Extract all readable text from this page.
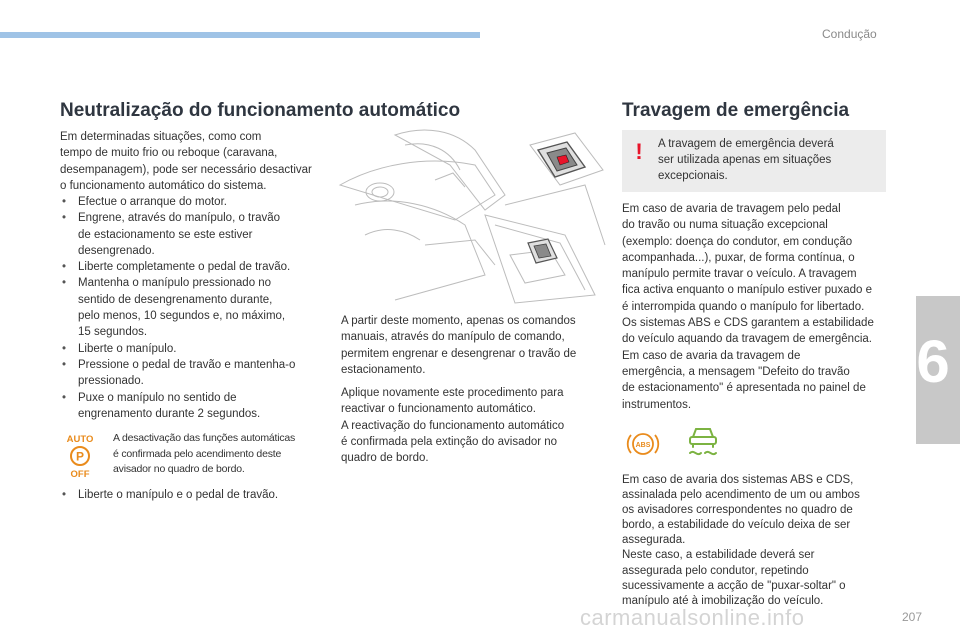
Condução
6
Neutralização do funcionamento automático
Em determinadas situações, como com
tempo de muito frio ou reboque (caravana,
desempanagem), pode ser necessário desactivar
o funcionamento automático do sistema.
• Efectue o arranque do motor.
• Engrene, através do manípulo, o travão
de estacionamento se este estiver
desengrenado.
• Liberte completamente o pedal de travão.
• Mantenha o manípulo pressionado no
sentido de desengrenamento durante,
pelo menos, 10 segundos e, no máximo,
15 segundos.
• Liberte o manípulo.
• Pressione o pedal de travão e mantenha-o
pressionado.
• Puxe o manípulo no sentido de
engrenamento durante 2 segundos.
AUTO
P
OFF
A desactivação das funções automáticas
é confirmada pelo acendimento deste
avisador no quadro de bordo.
• Liberte o manípulo e o pedal de travão.
A partir deste momento, apenas os comandos
manuais, através do manípulo de comando,
permitem engrenar e desengrenar o travão de
estacionamento.
Aplique novamente este procedimento para
reactivar o funcionamento automático.
A reactivação do funcionamento automático
é confirmada pela extinção do avisador no
quadro de bordo.
Travagem de emergência
! A travagem de emergência deverá
ser utilizada apenas em situações
excepcionais.
Em caso de avaria de travagem pelo pedal
do travão ou numa situação excepcional
(exemplo: doença do condutor, em condução
acompanhada...), puxar, de forma contínua, o
manípulo permite travar o veículo. A travagem
fica activa enquanto o manípulo estiver puxado e
é interrompida quando o manípulo for libertado.
Os sistemas ABS e CDS garantem a estabilidade
do veículo aquando da travagem de emergência.
Em caso de avaria da travagem de
emergência, a mensagem "Defeito do travão
de estacionamento" é apresentada no painel de
instrumentos.
ABS
Em caso de avaria dos sistemas ABS e CDS,
assinalada pelo acendimento de um ou ambos
os avisadores correspondentes no quadro de
bordo, a estabilidade do veículo deixa de ser
assegurada.
Neste caso, a estabilidade deverá ser
assegurada pelo condutor, repetindo
sucessivamente a acção de "puxar-soltar" o
manípulo até à imobilização do veículo.
carmanualsonline.info	207
